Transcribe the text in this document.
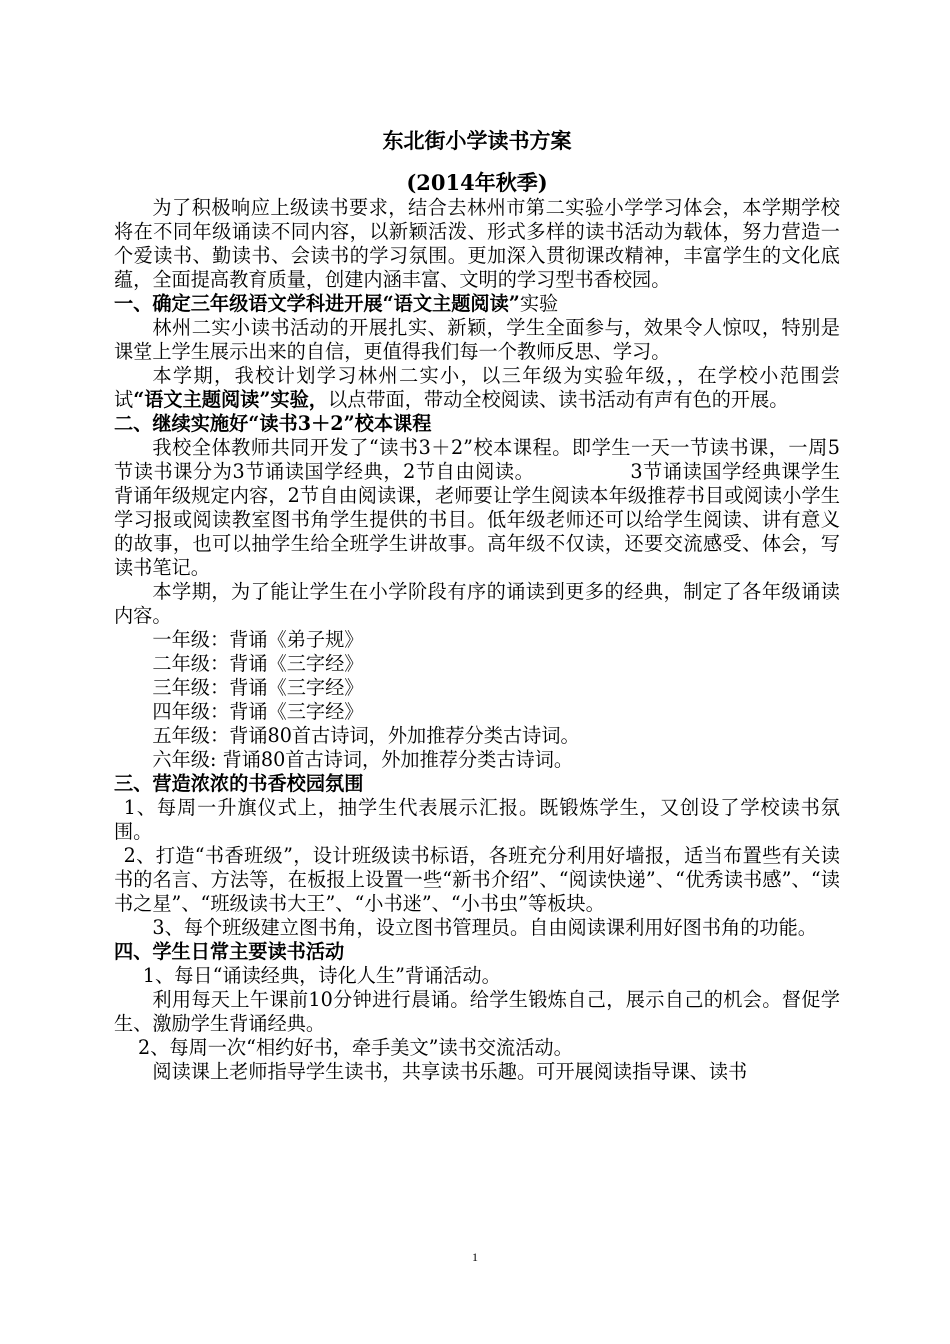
东北街小学读书方案

(2014年秋季)

为了积极响应上级读书要求，结合去林州市第二实验小学学习体会，本学期学校将在不同年级诵读不同内容，以新颖活泼、形式多样的读书活动为载体，努力营造一个爱读书、勤读书、会读书的学习氛围。更加深入贯彻课改精神，丰富学生的文化底蕴，全面提高教育质量，创建内涵丰富、文明的学习型书香校园。

一、确定三年级语文学科进开展“语文主题阅读”实验

林州二实小读书活动的开展扎实、新颖，学生全面参与，效果令人惊叹，特别是课堂上学生展示出来的自信，更值得我们每一个教师反思、学习。

本学期，我校计划学习林州二实小，以三年级为实验年级，，在学校小范围尝试“语文主题阅读”实验，以点带面，带动全校阅读、读书活动有声有色的开展。

二、继续实施好“读书3＋2”校本课程

我校全体教师共同开发了“读书3＋2”校本课程。即学生一天一节读书课，一周5节读书课分为3节诵读国学经典，2节自由阅读。	3节诵读国学经典课学生背诵年级规定内容，2节自由阅读课，老师要让学生阅读本年级推荐书目或阅读小学生学习报或阅读教室图书角学生提供的书目。低年级老师还可以给学生阅读、讲有意义的故事，也可以抽学生给全班学生讲故事。高年级不仅读，还要交流感受、体会，写读书笔记。

本学期，为了能让学生在小学阶段有序的诵读到更多的经典，制定了各年级诵读内容。

一年级：背诵《弟子规》

二年级：背诵《三字经》

三年级：背诵《三字经》

四年级：背诵《三字经》

五年级：背诵80首古诗词，外加推荐分类古诗词。

六年级: 背诵80首古诗词，外加推荐分类古诗词。

三、营造浓浓的书香校园氛围

1、每周一升旗仪式上，抽学生代表展示汇报。既锻炼学生，又创设了学校读书氛围。

2、打造“书香班级”，设计班级读书标语，各班充分利用好墙报，适当布置些有关读书的名言、方法等，在板报上设置一些“新书介绍”、“阅读快递”、“优秀读书感”、“读书之星”、“班级读书大王”、“小书迷”、“小书虫”等板块。

3、每个班级建立图书角，设立图书管理员。自由阅读课利用好图书角的功能。

四、学生日常主要读书活动

1、每日“诵读经典，诗化人生”背诵活动。

利用每天上午课前10分钟进行晨诵。给学生锻炼自己，展示自己的机会。督促学生、激励学生背诵经典。

2、每周一次“相约好书，牵手美文”读书交流活动。

阅读课上老师指导学生读书，共享读书乐趣。可开展阅读指导课、读书

1
